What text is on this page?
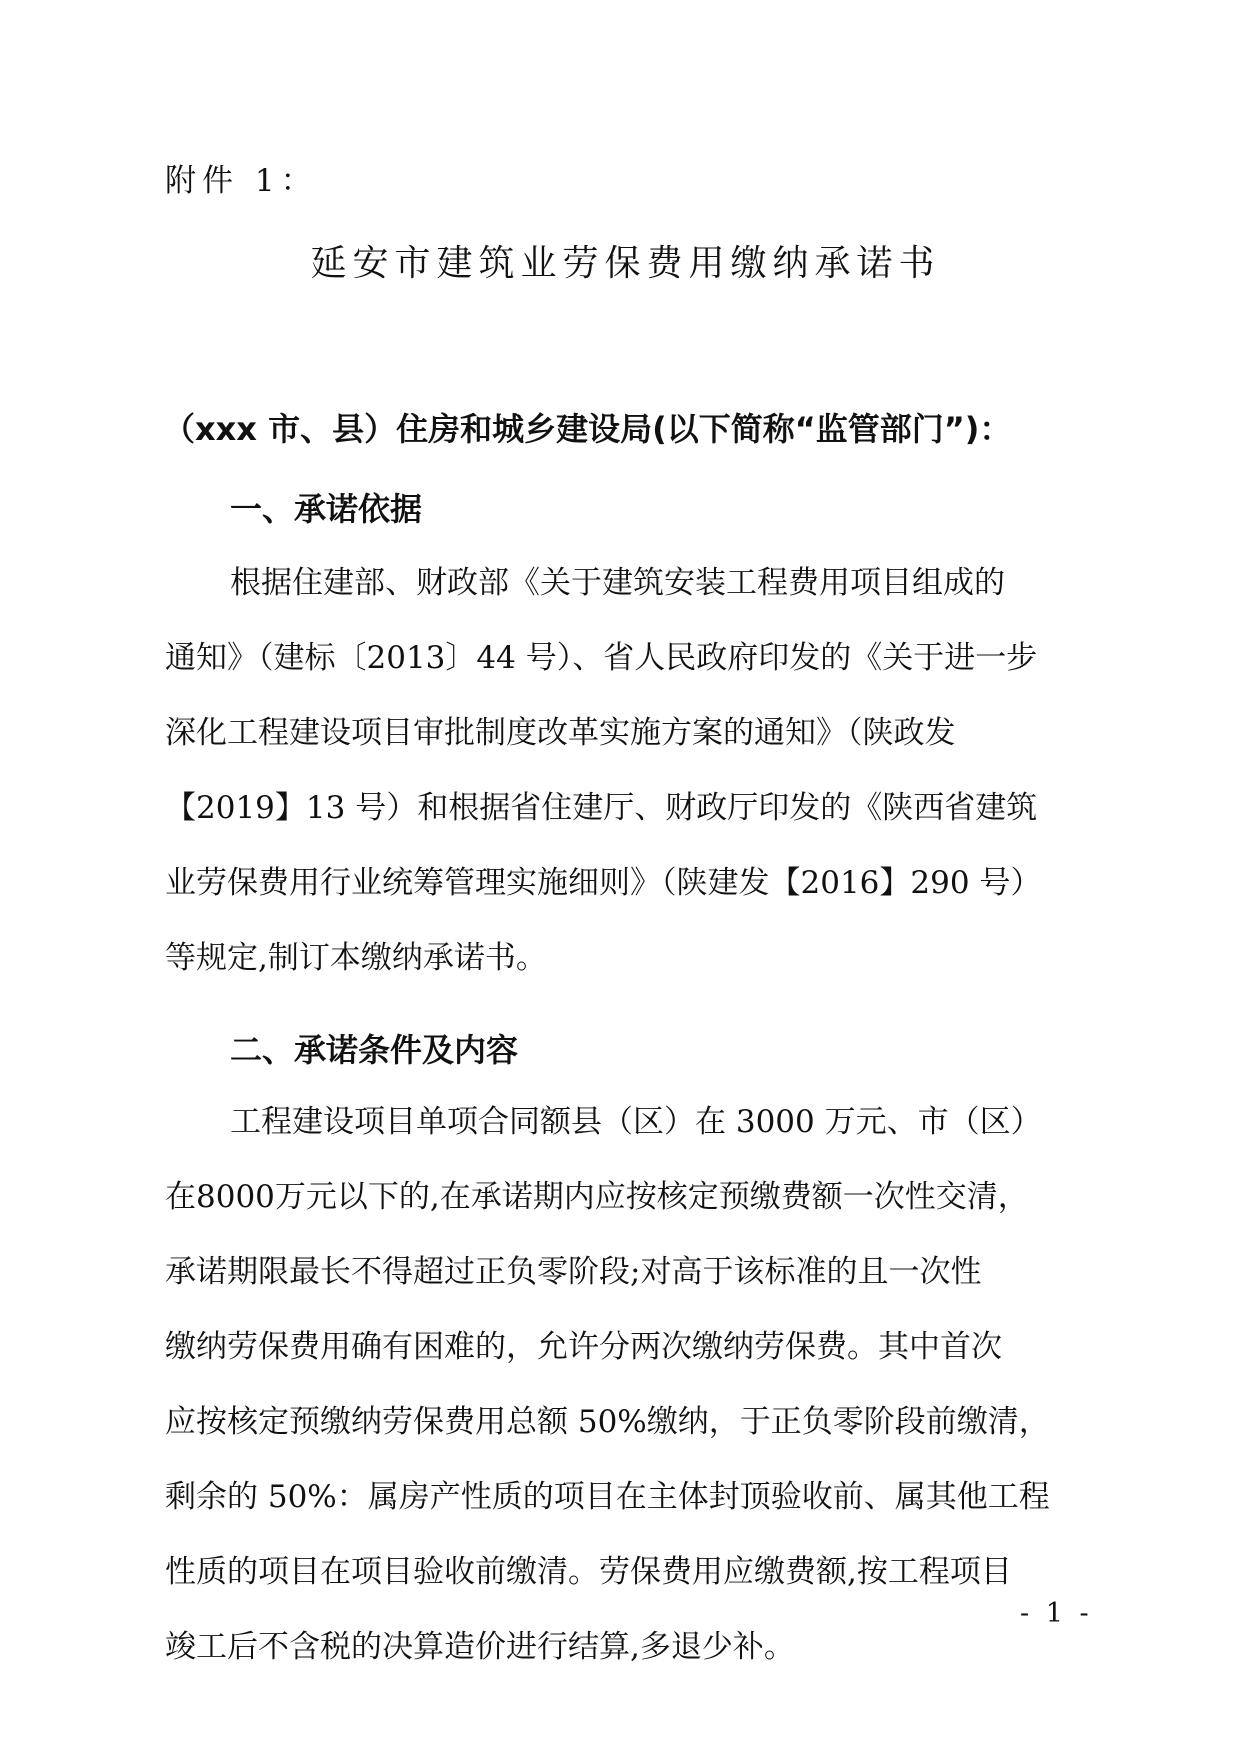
附件 1：
延安市建筑业劳保费用缴纳承诺书
（xxx 市、县）住房和城乡建设局(以下简称“监管部门”)：
一、承诺依据
根据住建部、财政部《关于建筑安装工程费用项目组成的
通知》（建标〔2013〕44 号）、省人民政府印发的《关于进一步
深化工程建设项目审批制度改革实施方案的通知》（陕政发
【2019】13 号）和根据省住建厅、财政厅印发的《陕西省建筑
业劳保费用行业统筹管理实施细则》（陕建发【2016】290 号）
等规定,制订本缴纳承诺书。
二、承诺条件及内容
工程建设项目单项合同额县（区）在 3000 万元、市（区）
在8000万元以下的,在承诺期内应按核定预缴费额一次性交清，
承诺期限最长不得超过正负零阶段;对高于该标准的且一次性
缴纳劳保费用确有困难的，允许分两次缴纳劳保费。其中首次
应按核定预缴纳劳保费用总额 50%缴纳，于正负零阶段前缴清，
剩余的 50%：属房产性质的项目在主体封顶验收前、属其他工程
性质的项目在项目验收前缴清。劳保费用应缴费额,按工程项目
竣工后不含税的决算造价进行结算,多退少补。
- 1 -
